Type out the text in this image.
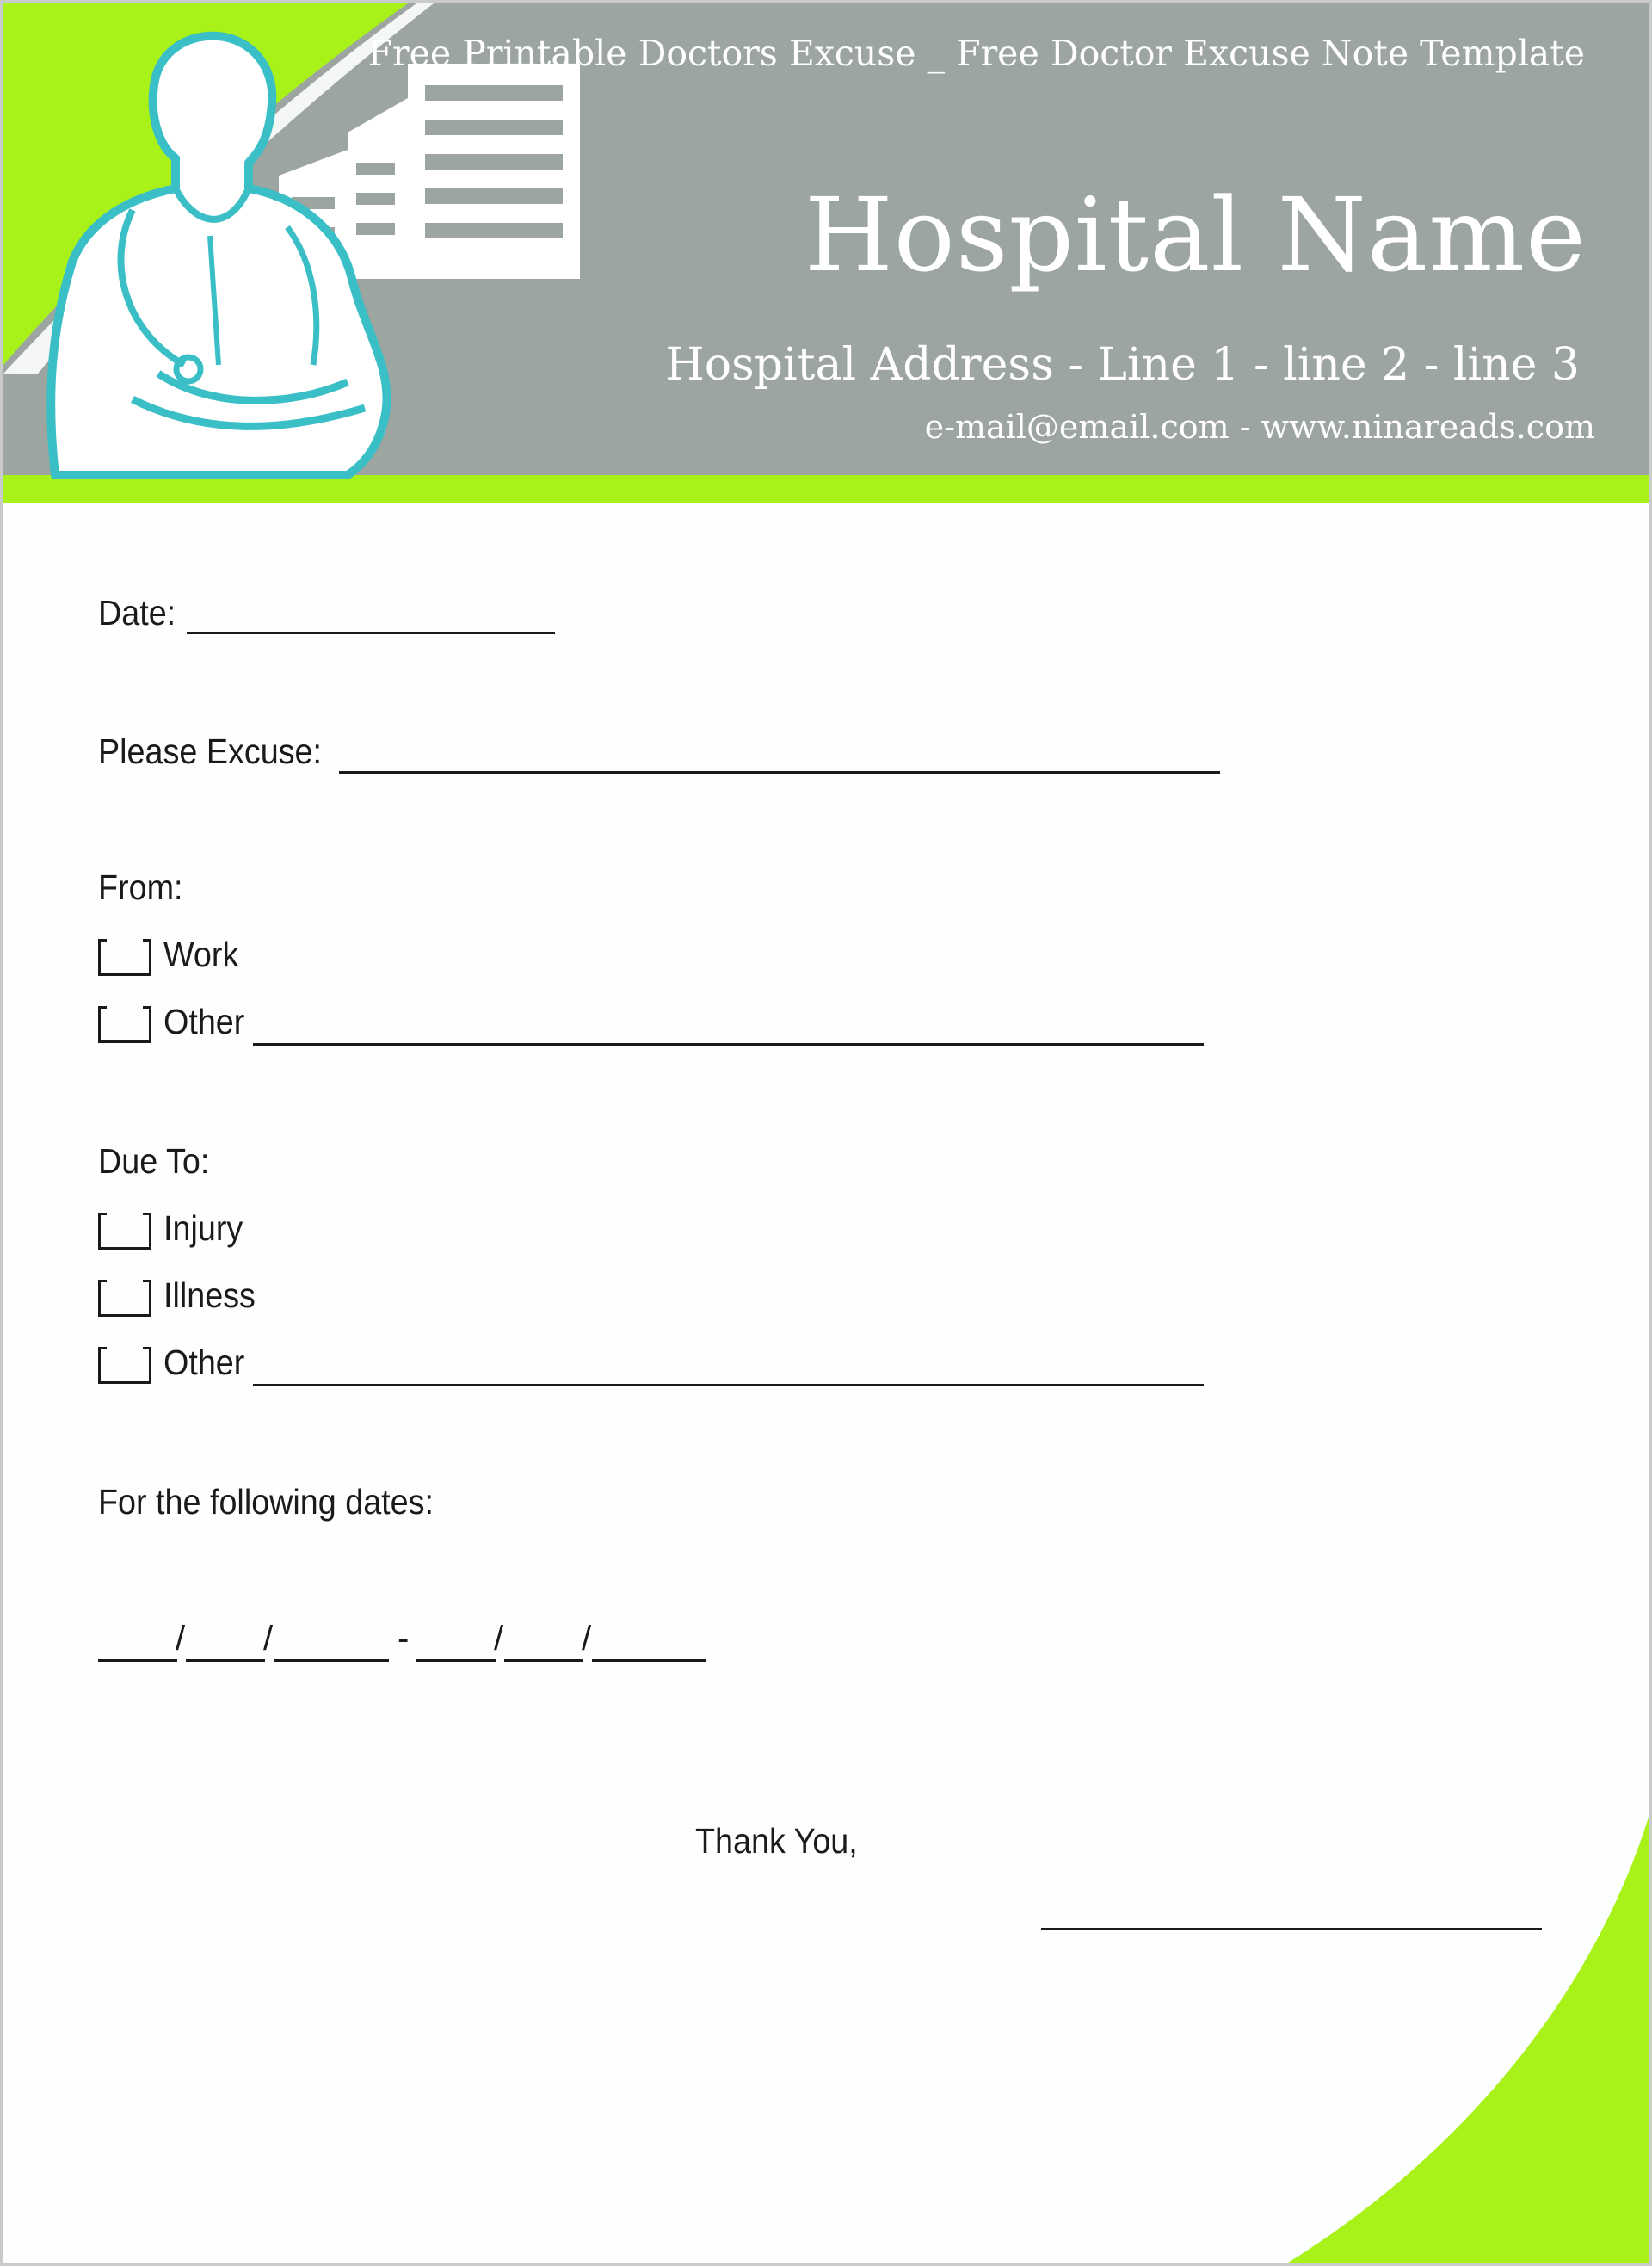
Free Printable Doctors Excuse _ Free Doctor Excuse Note Template
Hospital Name
Hospital Address - Line 1 - line 2 - line 3
e-mail@email.com - www.ninareads.com
Date:
Please Excuse:
From:
Work
Other
Due To:
Injury
Illness
Other
For the following dates:
/ /	- / /
Thank You,
